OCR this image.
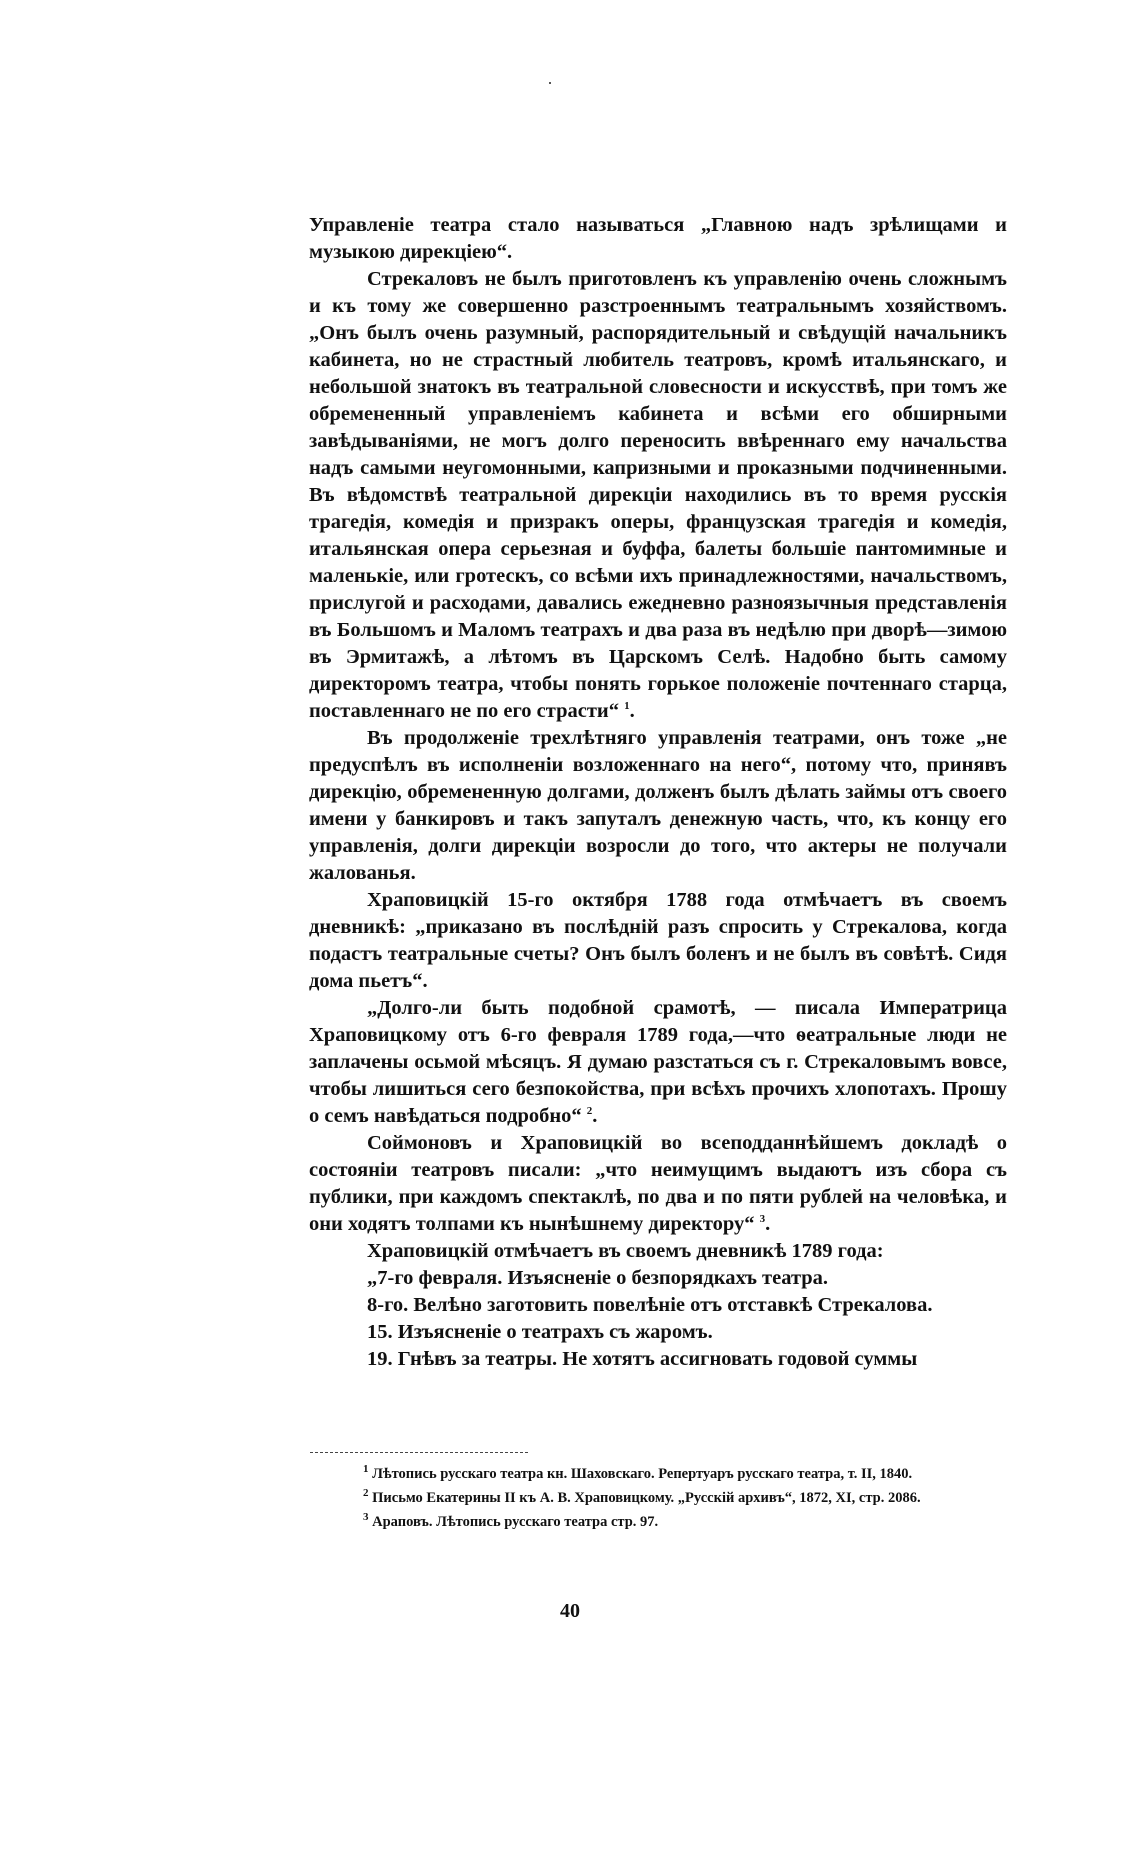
Управленіе театра стало называться „Главною надъ зрѣлищами и музыкою дирекціею“.

Стрекаловъ не былъ приготовленъ къ управленію очень сложнымъ и къ тому же совершенно разстроеннымъ театральнымъ хозяйствомъ. „Онъ былъ очень разумный, распорядительный и свѣдущій начальникъ кабинета, но не страстный любитель театровъ, кромѣ итальянскаго, и небольшой знатокъ въ театральной словесности и искусствѣ, при томъ же обремененный управленіемъ кабинета и всѣми его обширными завѣдываніями, не могъ долго переносить ввѣреннаго ему начальства надъ самыми неугомонными, капризными и проказными подчиненными. Въ вѣдомствѣ театральной дирекціи находились въ то время русскія трагедія, комедія и призракъ оперы, французская трагедія и комедія, итальянская опера серьезная и буффа, балеты большіе пантомимные и маленькіе, или гротескъ, со всѣми ихъ принадлежностями, начальствомъ, прислугой и расходами, давались ежедневно разноязычныя представленія въ Большомъ и Маломъ театрахъ и два раза въ недѣлю при дворѣ—зимою въ Эрмитажѣ, а лѣтомъ въ Царскомъ Селѣ. Надобно быть самому директоромъ театра, чтобы понять горькое положеніе почтеннаго старца, поставленнаго не по его страсти“ $^1$.

Въ продолженіе трехлѣтняго управленія театрами, онъ тоже „не предуспѣлъ въ исполненіи возложеннаго на него“, потому что, принявъ дирекцію, обремененную долгами, долженъ былъ дѣлать займы отъ своего имени у банкировъ и такъ запуталъ денежную часть, что, къ концу его управленія, долги дирекціи возросли до того, что актеры не получали жалованья.

Храповицкій 15-го октября 1788 года отмѣчаетъ въ своемъ дневникѣ: „приказано въ послѣдній разъ спросить у Стрекалова, когда подастъ театральные счеты? Онъ былъ боленъ и не былъ въ совѣтѣ. Сидя дома пьетъ“.

„Долго-ли быть подобной срамотѣ, — писала Императрица Храповицкому отъ 6-го февраля 1789 года,—что ѳеатральные люди не заплачены осьмой мѣсяцъ. Я думаю разстаться съ г. Стрекаловымъ вовсе, чтобы лишиться сего безпокойства, при всѣхъ прочихъ хлопотахъ. Прошу о семъ навѣдаться подробно“ $^2$.

Соймоновъ и Храповицкій во всеподданнѣйшемъ докладѣ о состояніи театровъ писали: „что неимущимъ выдаютъ изъ сбора съ публики, при каждомъ спектаклѣ, по два и по пяти рублей на человѣка, и они ходятъ толпами къ нынѣшнему директору“ $^3$.

Храповицкій отмѣчаетъ въ своемъ дневникѣ 1789 года:

„7-го февраля. Изъясненіе о безпорядкахъ театра.

8-го. Велѣно заготовить повелѣніе отъ отставкѣ Стрекалова.

15. Изъясненіе о театрахъ съ жаромъ.

19. Гнѣвъ за театры. Не хотятъ ассигновать годовой суммы

$^1$ Лѣтопись русскаго театра кн. Шаховскаго. Репертуаръ русскаго театра, т. II, 1840.

$^2$ Письмо Екатерины II къ А. В. Храповицкому. „Русскій архивъ“, 1872, XI, стр. 2086.

$^3$ Араповъ. Лѣтопись русскаго театра стр. 97.

40
